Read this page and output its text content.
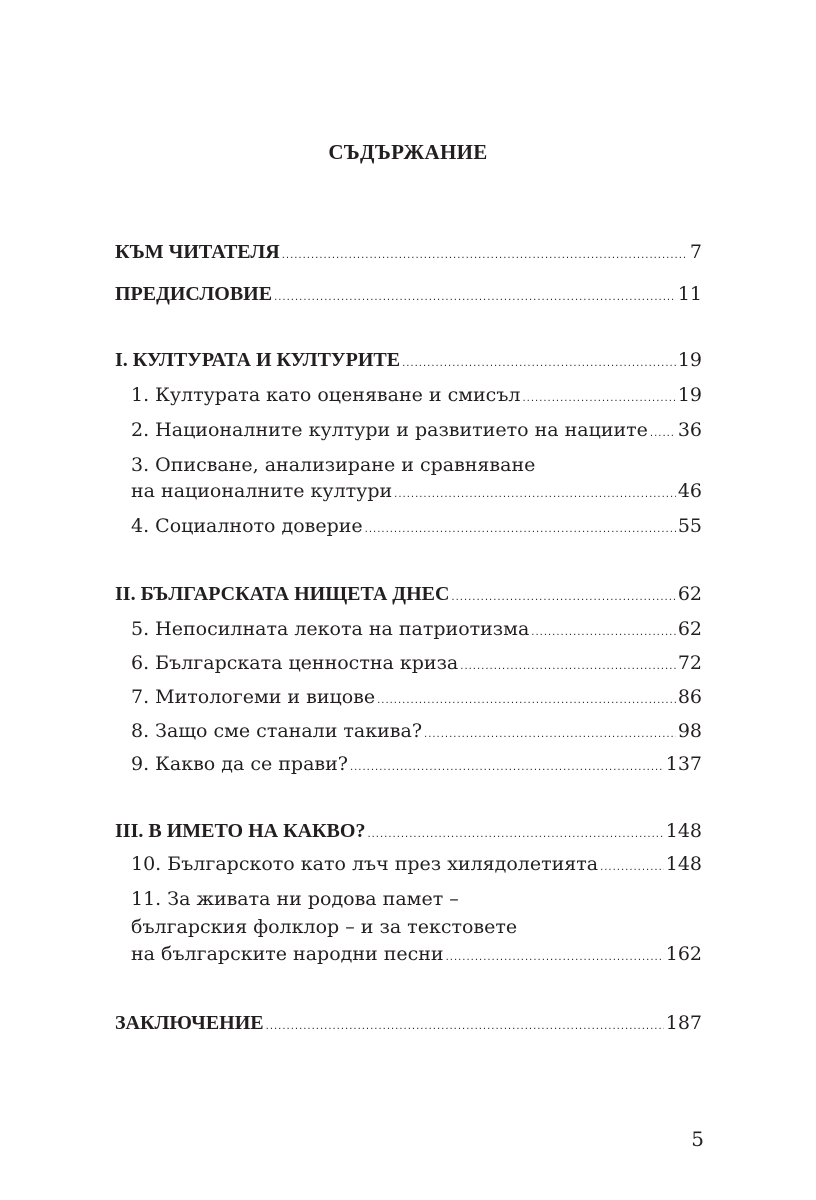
СЪДЪРЖАНИЕ
КЪМ ЧИТАТЕЛЯ .....	7
ПРЕДИСЛОВИЕ .....	11
I. КУЛТУРАТА И КУЛТУРИТЕ .....	19
1. Културата като оценяване и смисъл .....	19
2. Националните култури и развитието на нациите ..... 36
3. Описване, анализиране и сравняване
на националните култури .....	46
4. Социалното доверие .....	55
II. БЪЛГАРСКАТА НИЩЕТА ДНЕС .....	62
5. Непосилната лекота на патриотизма .....	62
6. Българската ценностна криза .....	72
7. Митологеми и вицове .....	86
8. Защо сме станали такива? .....	98
9. Какво да се прави? .....	137
III. В ИМЕТО НА КАКВО? .....	148
10. Българското като лъч през хилядолетията .....	148
11. За живата ни родова памет –
българския фолклор – и за текстовете
на българските народни песни .....	162
ЗАКЛЮЧЕНИЕ .....	187
5
